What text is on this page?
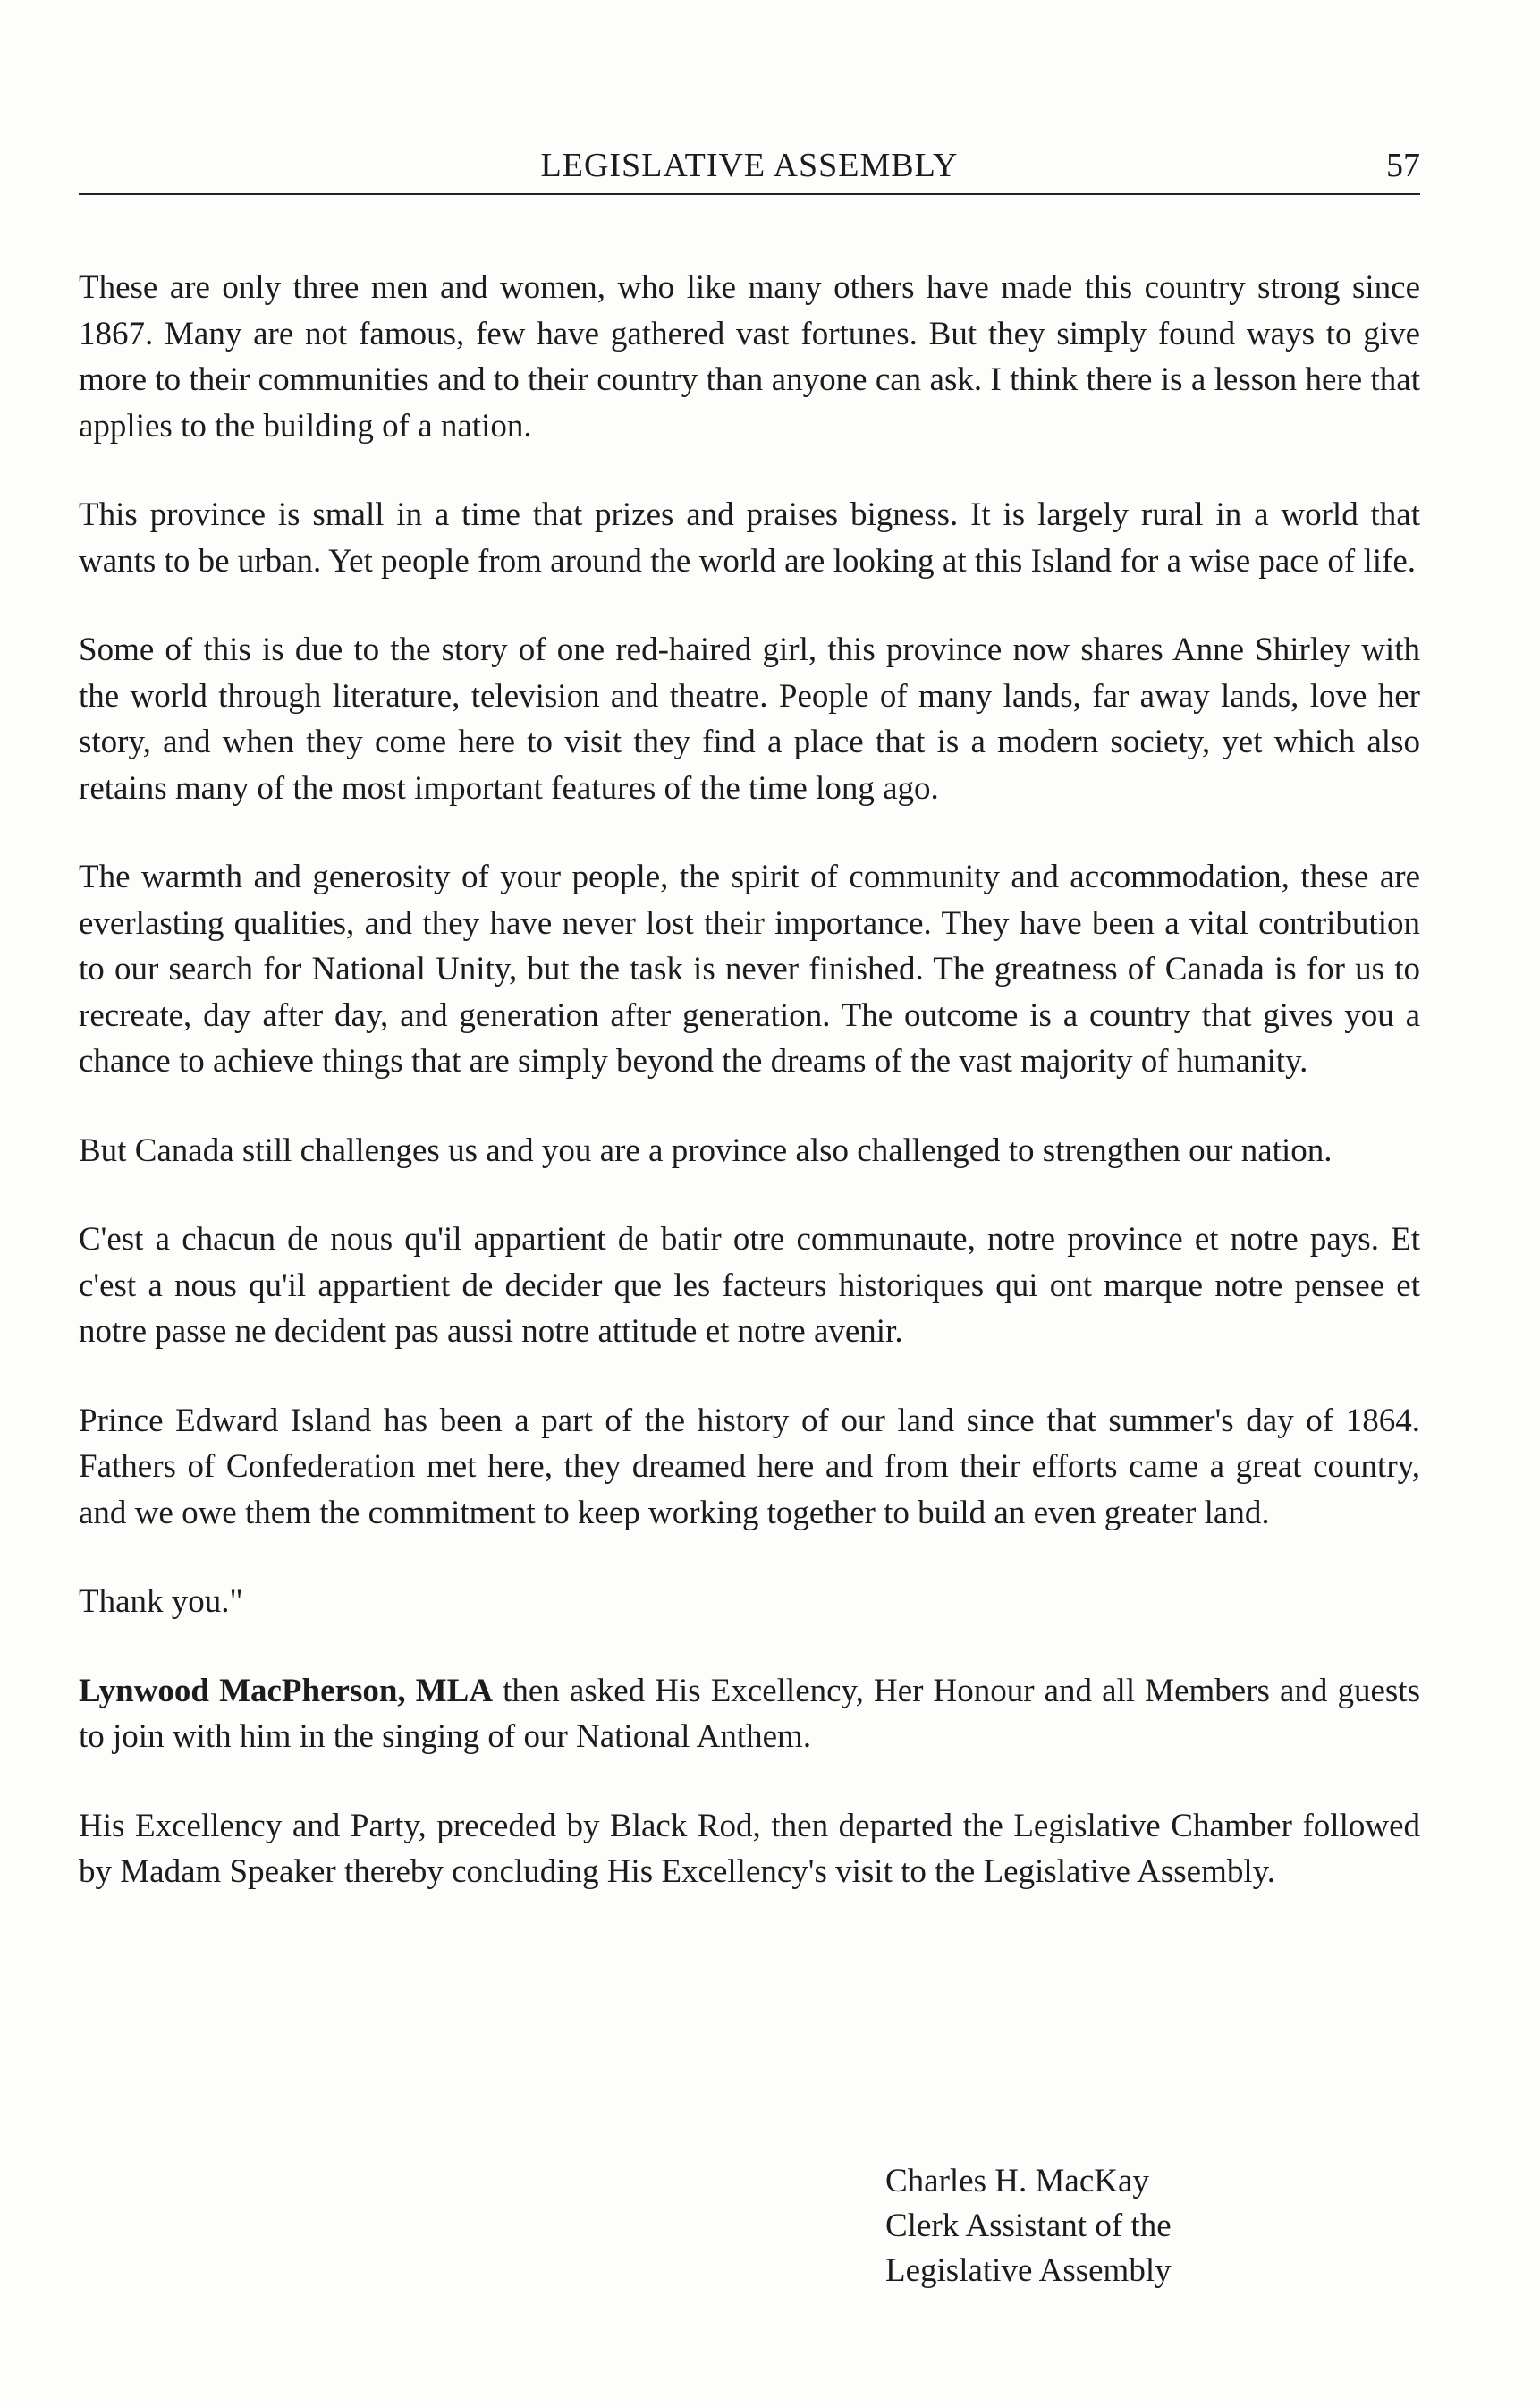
LEGISLATIVE ASSEMBLY	57

These are only three men and women, who like many others have made this country strong since 1867. Many are not famous, few have gathered vast fortunes. But they simply found ways to give more to their communities and to their country than anyone can ask. I think there is a lesson here that applies to the building of a nation.

This province is small in a time that prizes and praises bigness. It is largely rural in a world that wants to be urban. Yet people from around the world are looking at this Island for a wise pace of life.

Some of this is due to the story of one red-haired girl, this province now shares Anne Shirley with the world through literature, television and theatre. People of many lands, far away lands, love her story, and when they come here to visit they find a place that is a modern society, yet which also retains many of the most important features of the time long ago.

The warmth and generosity of your people, the spirit of community and accommodation, these are everlasting qualities, and they have never lost their importance. They have been a vital contribution to our search for National Unity, but the task is never finished. The greatness of Canada is for us to recreate, day after day, and generation after generation. The outcome is a country that gives you a chance to achieve things that are simply beyond the dreams of the vast majority of humanity.

But Canada still challenges us and you are a province also challenged to strengthen our nation.

C'est a chacun de nous qu'il appartient de batir otre communaute, notre province et notre pays. Et c'est a nous qu'il appartient de decider que les facteurs historiques qui ont marque notre pensee et notre passe ne decident pas aussi notre attitude et notre avenir.

Prince Edward Island has been a part of the history of our land since that summer's day of 1864. Fathers of Confederation met here, they dreamed here and from their efforts came a great country, and we owe them the commitment to keep working together to build an even greater land.

Thank you."

Lynwood MacPherson, MLA then asked His Excellency, Her Honour and all Members and guests to join with him in the singing of our National Anthem.

His Excellency and Party, preceded by Black Rod, then departed the Legislative Chamber followed by Madam Speaker thereby concluding His Excellency's visit to the Legislative Assembly.

Charles H. MacKay
Clerk Assistant of the
Legislative Assembly
